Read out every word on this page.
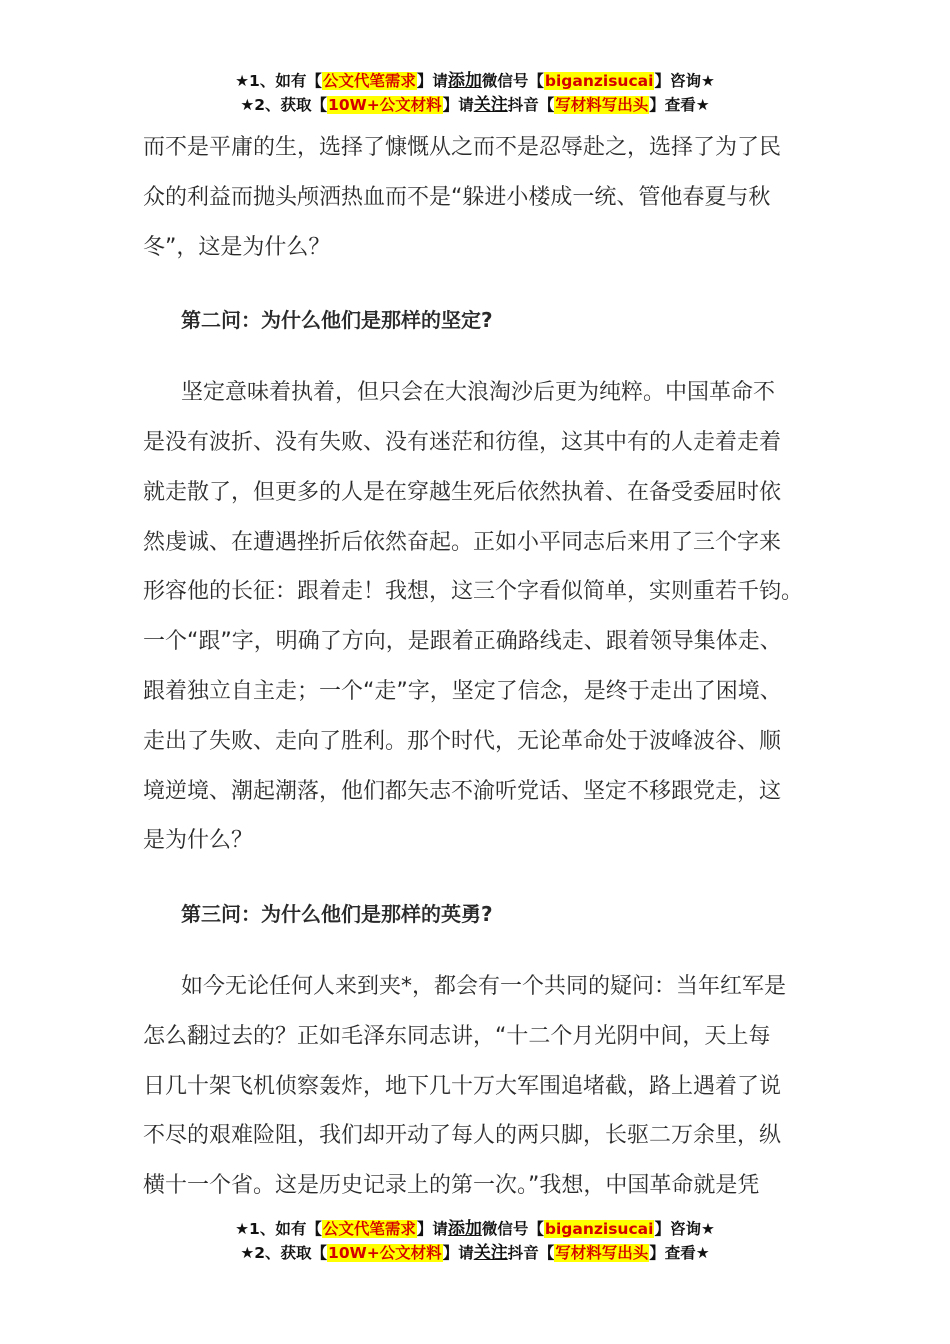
★1、如有【公文代笔需求】请添加微信号【biganzisucai】咨询★
★2、获取【10W+公文材料】请关注抖音【写材料写出头】查看★

而不是平庸的生，选择了慷慨从之而不是忍辱赴之，选择了为了民
众的利益而抛头颅洒热血而不是“躲进小楼成一统、管他春夏与秋
冬”，这是为什么？

第二问：为什么他们是那样的坚定?

坚定意味着执着，但只会在大浪淘沙后更为纯粹。中国革命不
是没有波折、没有失败、没有迷茫和彷徨，这其中有的人走着走着
就走散了，但更多的人是在穿越生死后依然执着、在备受委屈时依
然虔诚、在遭遇挫折后依然奋起。正如小平同志后来用了三个字来
形容他的长征：跟着走！我想，这三个字看似简单，实则重若千钧。
一个“跟”字，明确了方向，是跟着正确路线走、跟着领导集体走、
跟着独立自主走；一个“走”字，坚定了信念，是终于走出了困境、
走出了失败、走向了胜利。那个时代，无论革命处于波峰波谷、顺
境逆境、潮起潮落，他们都矢志不渝听党话、坚定不移跟党走，这
是为什么？

第三问：为什么他们是那样的英勇?

如今无论任何人来到夹*，都会有一个共同的疑问：当年红军是
怎么翻过去的？正如毛泽东同志讲，“十二个月光阴中间，天上每
日几十架飞机侦察轰炸，地下几十万大军围追堵截，路上遇着了说
不尽的艰难险阻，我们却开动了每人的两只脚，长驱二万余里，纵
横十一个省。这是历史记录上的第一次。”我想，中国革命就是凭

★1、如有【公文代笔需求】请添加微信号【biganzisucai】咨询★
★2、获取【10W+公文材料】请关注抖音【写材料写出头】查看★
